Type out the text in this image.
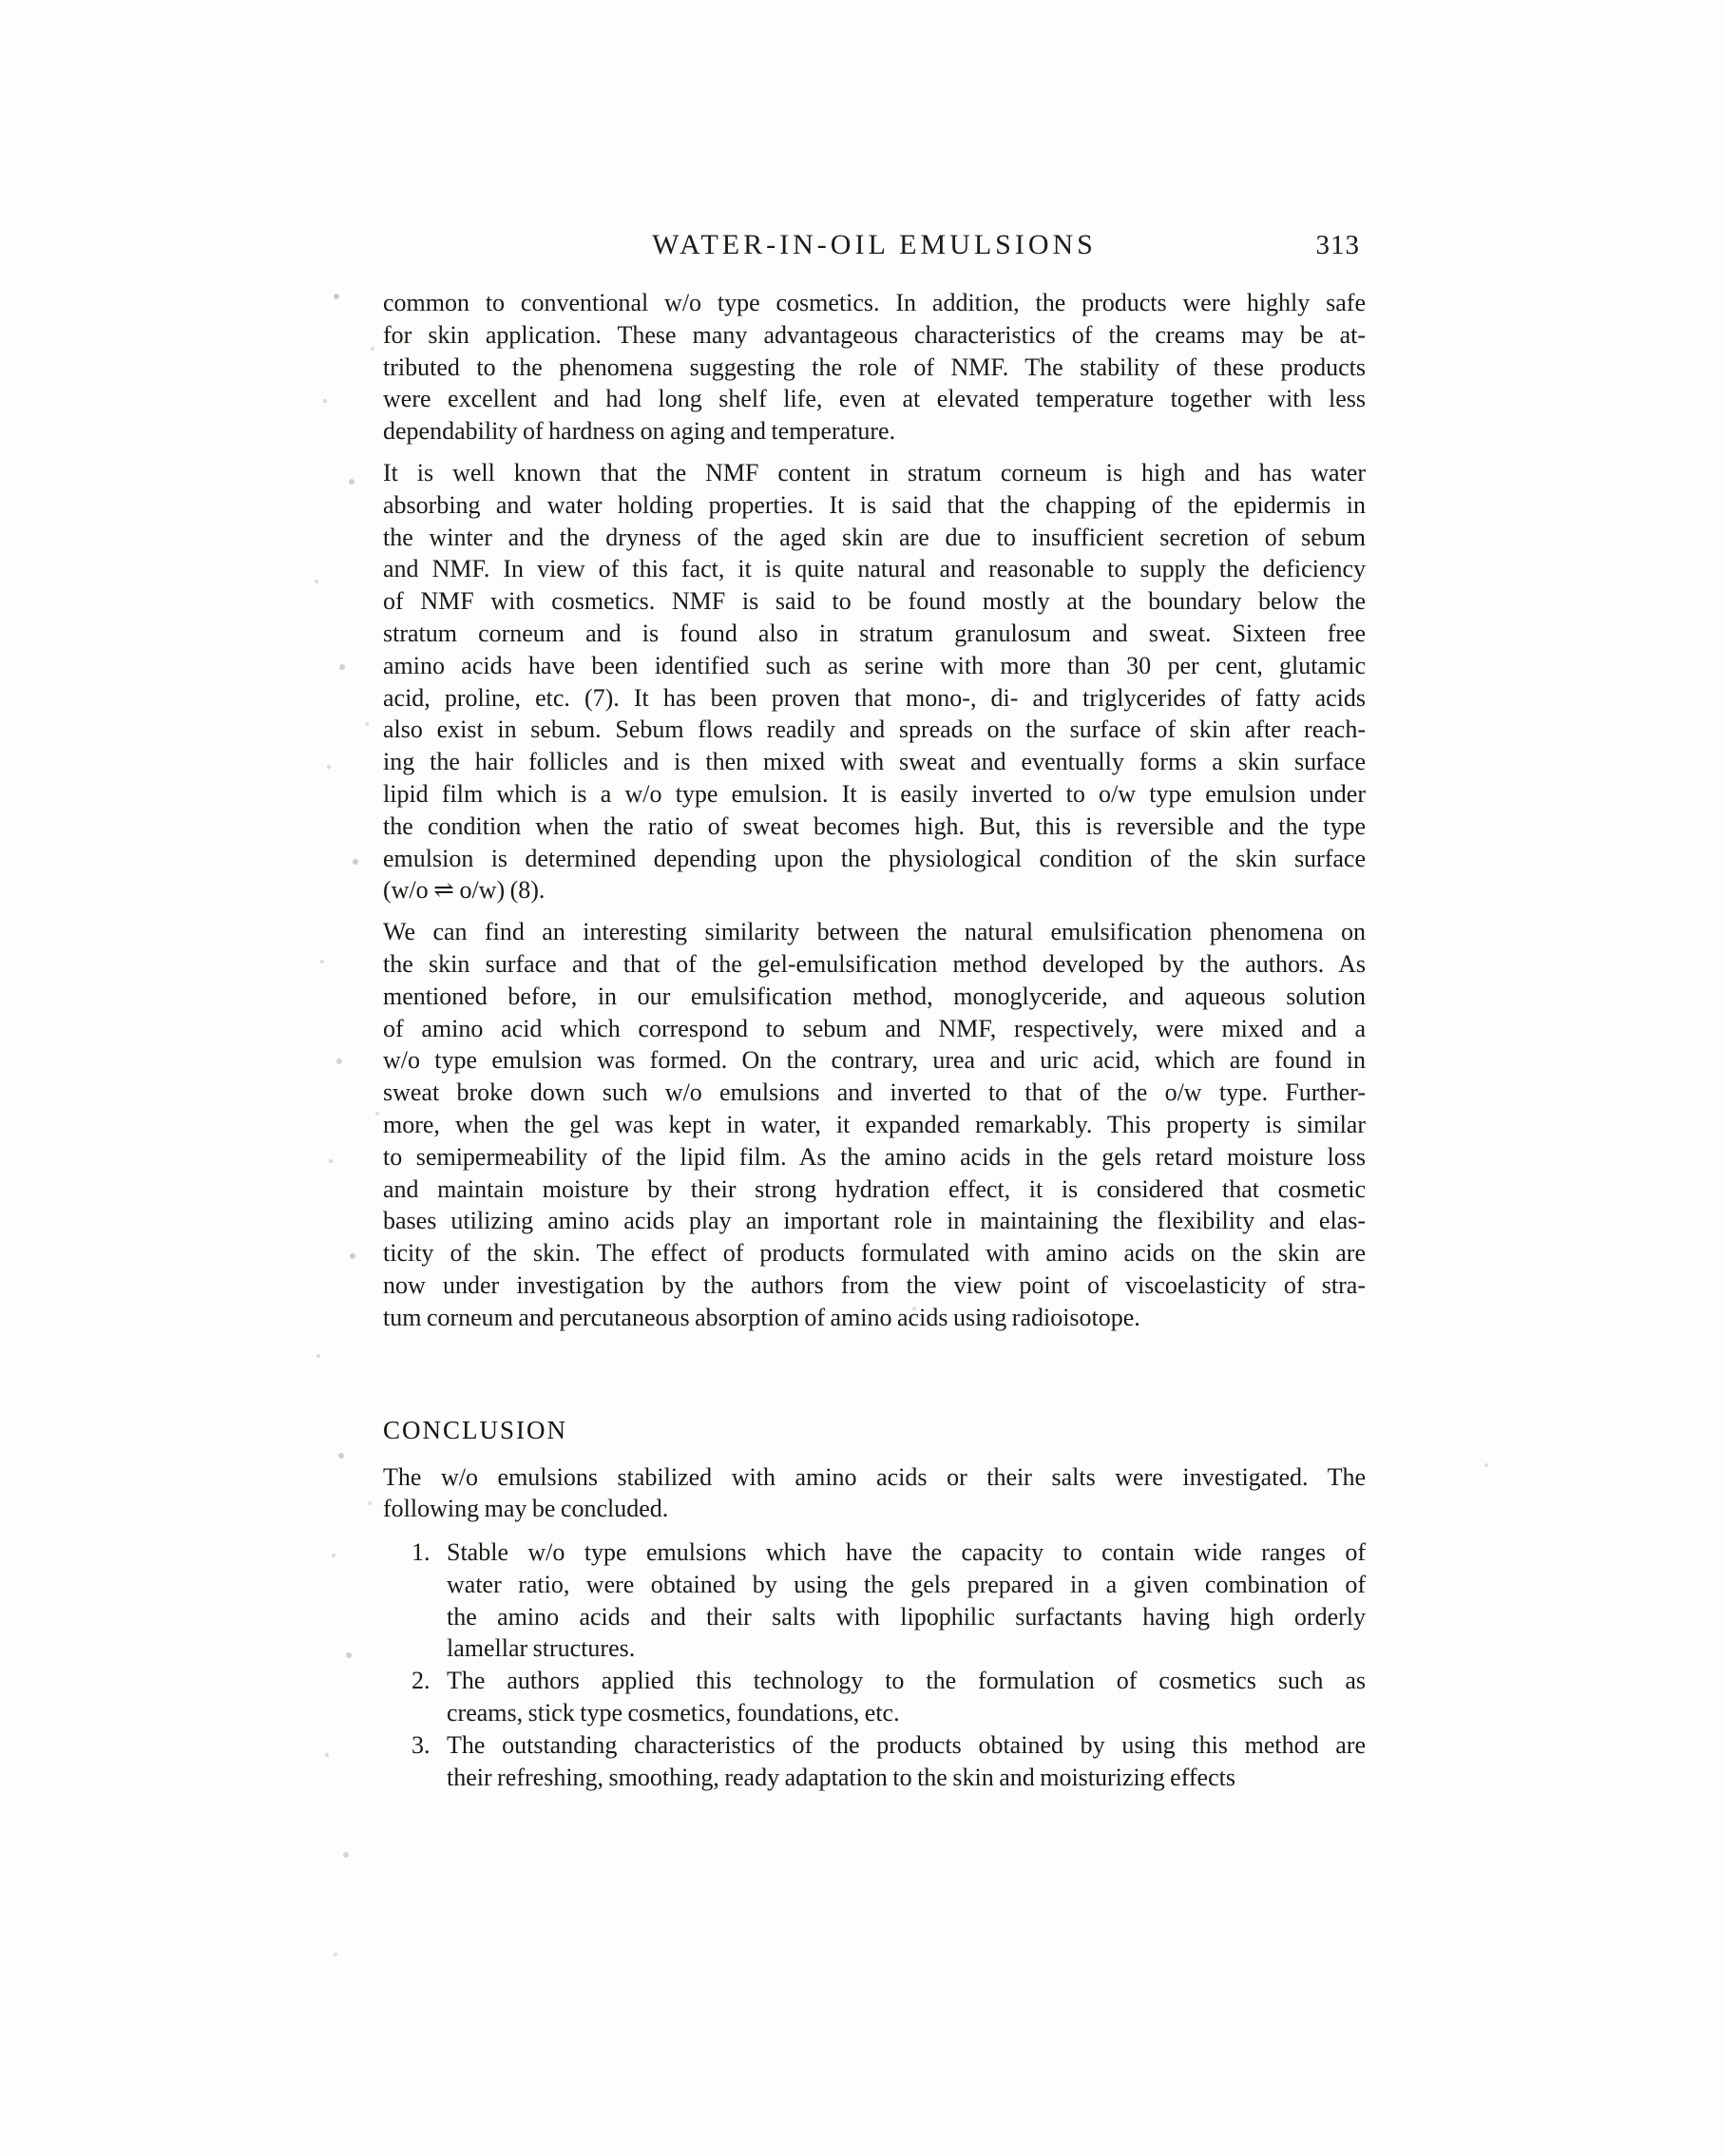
WATER-IN-OIL EMULSIONS	313
common to conventional w/o type cosmetics. In addition, the products were highly safe
for skin application. These many advantageous characteristics of the creams may be at-
tributed to the phenomena suggesting the role of NMF. The stability of these products
were excellent and had long shelf life, even at elevated temperature together with less
dependability of hardness on aging and temperature.
It is well known that the NMF content in stratum corneum is high and has water
absorbing and water holding properties. It is said that the chapping of the epidermis in
the winter and the dryness of the aged skin are due to insufficient secretion of sebum
and NMF. In view of this fact, it is quite natural and reasonable to supply the deficiency
of NMF with cosmetics. NMF is said to be found mostly at the boundary below the
stratum corneum and is found also in stratum granulosum and sweat. Sixteen free
amino acids have been identified such as serine with more than 30 per cent, glutamic
acid, proline, etc. (7). It has been proven that mono-, di- and triglycerides of fatty acids
also exist in sebum. Sebum flows readily and spreads on the surface of skin after reach-
ing the hair follicles and is then mixed with sweat and eventually forms a skin surface
lipid film which is a w/o type emulsion. It is easily inverted to o/w type emulsion under
the condition when the ratio of sweat becomes high. But, this is reversible and the type
emulsion is determined depending upon the physiological condition of the skin surface
(w/o ⇌ o/w) (8).
We can find an interesting similarity between the natural emulsification phenomena on
the skin surface and that of the gel-emulsification method developed by the authors. As
mentioned before, in our emulsification method, monoglyceride, and aqueous solution
of amino acid which correspond to sebum and NMF, respectively, were mixed and a
w/o type emulsion was formed. On the contrary, urea and uric acid, which are found in
sweat broke down such w/o emulsions and inverted to that of the o/w type. Further-
more, when the gel was kept in water, it expanded remarkably. This property is similar
to semipermeability of the lipid film. As the amino acids in the gels retard moisture loss
and maintain moisture by their strong hydration effect, it is considered that cosmetic
bases utilizing amino acids play an important role in maintaining the flexibility and elas-
ticity of the skin. The effect of products formulated with amino acids on the skin are
now under investigation by the authors from the view point of viscoelasticity of stra-
tum corneum and percutaneous absorption of amino acids using radioisotope.
CONCLUSION
The w/o emulsions stabilized with amino acids or their salts were investigated. The
following may be concluded.
1. Stable w/o type emulsions which have the capacity to contain wide ranges of
water ratio, were obtained by using the gels prepared in a given combination of
the amino acids and their salts with lipophilic surfactants having high orderly
lamellar structures.
2. The authors applied this technology to the formulation of cosmetics such as
creams, stick type cosmetics, foundations, etc.
3. The outstanding characteristics of the products obtained by using this method are
their refreshing, smoothing, ready adaptation to the skin and moisturizing effects
